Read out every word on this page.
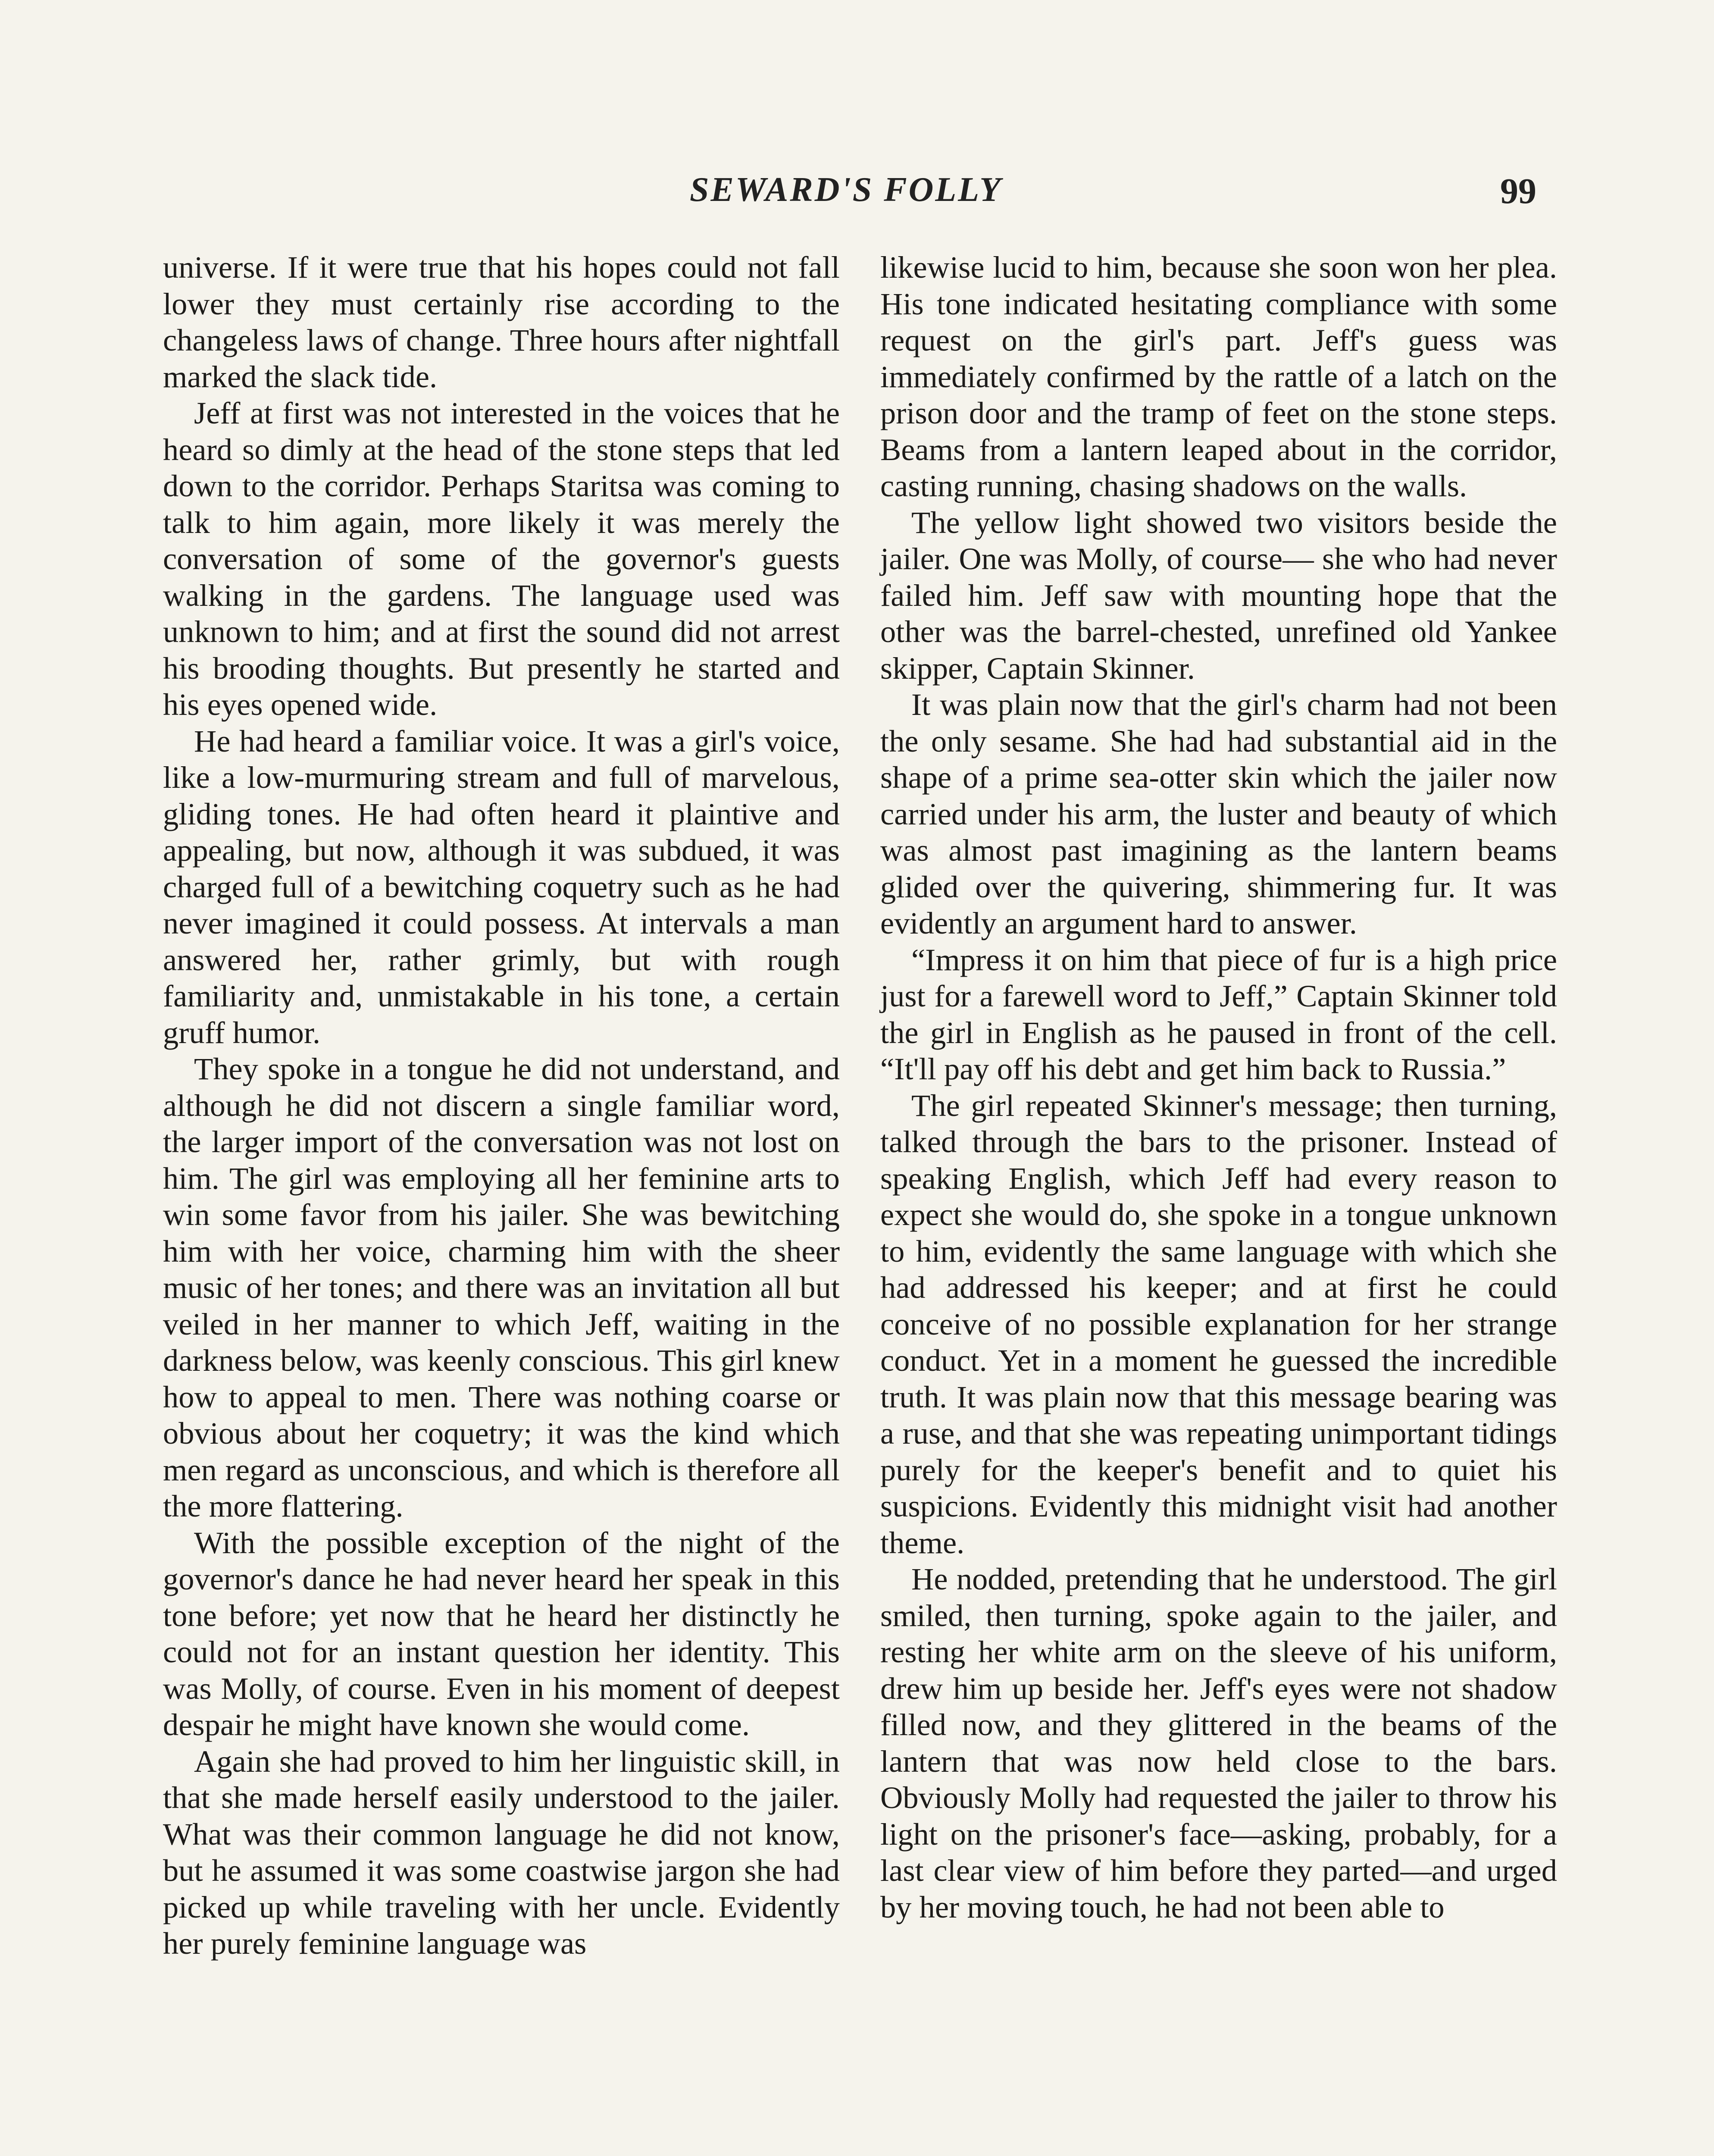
SEWARD'S FOLLY	99

universe. If it were true that his hopes could not fall lower they must certainly rise according to the changeless laws of change. Three hours after nightfall marked the slack tide.

Jeff at first was not interested in the voices that he heard so dimly at the head of the stone steps that led down to the corridor. Perhaps Staritsa was coming to talk to him again, more likely it was merely the conversation of some of the governor's guests walking in the gardens. The language used was unknown to him; and at first the sound did not arrest his brooding thoughts. But presently he started and his eyes opened wide.

He had heard a familiar voice. It was a girl's voice, like a low-murmuring stream and full of marvelous, gliding tones. He had often heard it plaintive and appealing, but now, although it was subdued, it was charged full of a bewitching coquetry such as he had never imagined it could possess. At intervals a man answered her, rather grimly, but with rough familiarity and, unmistakable in his tone, a certain gruff humor.

They spoke in a tongue he did not understand, and although he did not discern a single familiar word, the larger import of the conversation was not lost on him. The girl was employing all her feminine arts to win some favor from his jailer. She was bewitching him with her voice, charming him with the sheer music of her tones; and there was an invitation all but veiled in her manner to which Jeff, waiting in the darkness below, was keenly conscious. This girl knew how to appeal to men. There was nothing coarse or obvious about her coquetry; it was the kind which men regard as unconscious, and which is therefore all the more flattering.

With the possible exception of the night of the governor's dance he had never heard her speak in this tone before; yet now that he heard her distinctly he could not for an instant question her identity. This was Molly, of course. Even in his moment of deepest despair he might have known she would come.

Again she had proved to him her linguistic skill, in that she made herself easily understood to the jailer. What was their common language he did not know, but he assumed it was some coastwise jargon she had picked up while traveling with her uncle. Evidently her purely feminine language was

likewise lucid to him, because she soon won her plea. His tone indicated hesitating compliance with some request on the girl's part. Jeff's guess was immediately confirmed by the rattle of a latch on the prison door and the tramp of feet on the stone steps. Beams from a lantern leaped about in the corridor, casting running, chasing shadows on the walls.

The yellow light showed two visitors beside the jailer. One was Molly, of course— she who had never failed him. Jeff saw with mounting hope that the other was the barrel-chested, unrefined old Yankee skipper, Captain Skinner.

It was plain now that the girl's charm had not been the only sesame. She had had substantial aid in the shape of a prime sea-otter skin which the jailer now carried under his arm, the luster and beauty of which was almost past imagining as the lantern beams glided over the quivering, shimmering fur. It was evidently an argument hard to answer.

“Impress it on him that piece of fur is a high price just for a farewell word to Jeff,” Captain Skinner told the girl in English as he paused in front of the cell. “It'll pay off his debt and get him back to Russia.”

The girl repeated Skinner's message; then turning, talked through the bars to the prisoner. Instead of speaking English, which Jeff had every reason to expect she would do, she spoke in a tongue unknown to him, evidently the same language with which she had addressed his keeper; and at first he could conceive of no possible explanation for her strange conduct. Yet in a moment he guessed the incredible truth. It was plain now that this message bearing was a ruse, and that she was repeating unimportant tidings purely for the keeper's benefit and to quiet his suspicions. Evidently this midnight visit had another theme.

He nodded, pretending that he understood. The girl smiled, then turning, spoke again to the jailer, and resting her white arm on the sleeve of his uniform, drew him up beside her. Jeff's eyes were not shadow filled now, and they glittered in the beams of the lantern that was now held close to the bars. Obviously Molly had requested the jailer to throw his light on the prisoner's face—asking, probably, for a last clear view of him before they parted—and urged by her moving touch, he had not been able to
